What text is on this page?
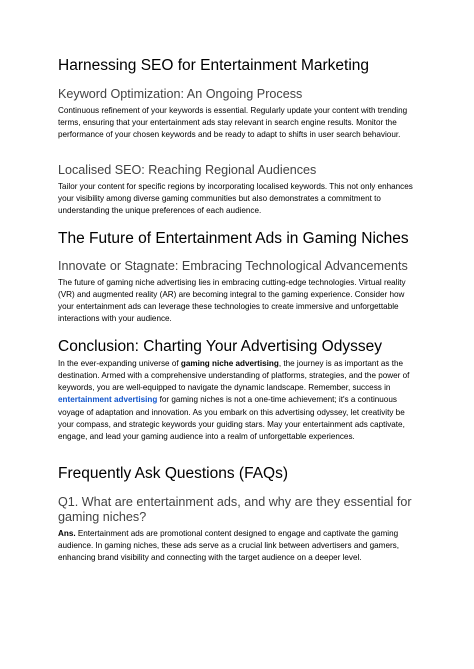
Harnessing SEO for Entertainment Marketing
Keyword Optimization: An Ongoing Process

Continuous refinement of your keywords is essential. Regularly update your content with trending terms, ensuring that your entertainment ads stay relevant in search engine results. Monitor the performance of your chosen keywords and be ready to adapt to shifts in user search behaviour.

Localised SEO: Reaching Regional Audiences

Tailor your content for specific regions by incorporating localised keywords. This not only enhances your visibility among diverse gaming communities but also demonstrates a commitment to understanding the unique preferences of each audience.

The Future of Entertainment Ads in Gaming Niches
Innovate or Stagnate: Embracing Technological Advancements

The future of gaming niche advertising lies in embracing cutting-edge technologies. Virtual reality (VR) and augmented reality (AR) are becoming integral to the gaming experience. Consider how your entertainment ads can leverage these technologies to create immersive and unforgettable interactions with your audience.

Conclusion: Charting Your Advertising Odyssey

In the ever-expanding universe of gaming niche advertising, the journey is as important as the destination. Armed with a comprehensive understanding of platforms, strategies, and the power of keywords, you are well-equipped to navigate the dynamic landscape. Remember, success in entertainment advertising for gaming niches is not a one-time achievement; it's a continuous voyage of adaptation and innovation. As you embark on this advertising odyssey, let creativity be your compass, and strategic keywords your guiding stars. May your entertainment ads captivate, engage, and lead your gaming audience into a realm of unforgettable experiences.

Frequently Ask Questions (FAQs)
Q1. What are entertainment ads, and why are they essential for gaming niches?

Ans. Entertainment ads are promotional content designed to engage and captivate the gaming audience. In gaming niches, these ads serve as a crucial link between advertisers and gamers, enhancing brand visibility and connecting with the target audience on a deeper level.
